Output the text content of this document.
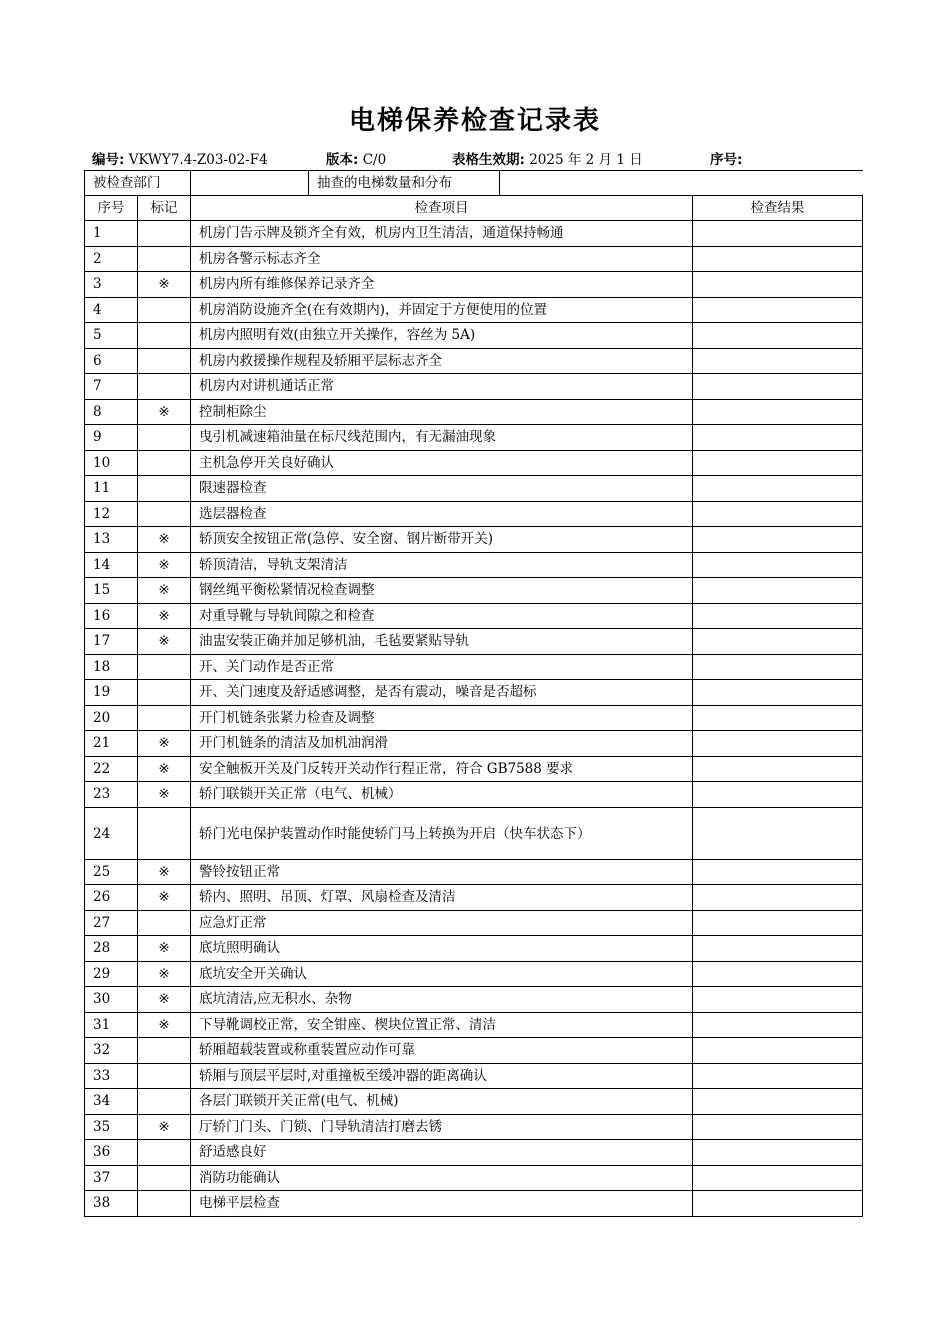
电梯保养检查记录表
编号: VKWY7.4-Z03-02-F4	版本: C/0	表格生效期: 2025 年 2 月 1 日	序号:
被检查部门			抽查的电梯数量和分布		
序号	标记	检查项目			检查结果
1		机房门告示牌及锁齐全有效，机房内卫生清洁，通道保持畅通			
2		机房各警示标志齐全			
3	※	机房内所有维修保养记录齐全			
4		机房消防设施齐全(在有效期内)，并固定于方便使用的位置			
5		机房内照明有效(由独立开关操作，容丝为 5A)			
6		机房内救援操作规程及轿厢平层标志齐全			
7		机房内对讲机通话正常			
8	※	控制柜除尘			
9		曳引机减速箱油量在标尺线范围内，有无漏油现象			
10		主机急停开关良好确认			
11		限速器检查			
12		选层器检查			
13	※	轿顶安全按钮正常(急停、安全窗、钢片断带开关)			
14	※	轿顶清洁，导轨支架清洁			
15	※	钢丝绳平衡松紧情况检查调整			
16	※	对重导靴与导轨间隙之和检查			
17	※	油盅安装正确并加足够机油，毛毡要紧贴导轨			
18		开、关门动作是否正常			
19		开、关门速度及舒适感调整，是否有震动，噪音是否超标			
20		开门机链条张紧力检查及调整			
21	※	开门机链条的清洁及加机油润滑			
22	※	安全触板开关及门反转开关动作行程正常，符合 GB7588 要求			
23	※	轿门联锁开关正常（电气、机械）			
24		轿门光电保护装置动作时能使轿门马上转换为开启（快车状态下）			
25	※	警铃按钮正常			
26	※	轿内、照明、吊顶、灯罩、风扇检查及清洁			
27		应急灯正常			
28	※	底坑照明确认			
29	※	底坑安全开关确认			
30	※	底坑清洁,应无积水、杂物			
31	※	下导靴调校正常，安全钳座、楔块位置正常、清洁			
32		轿厢超载装置或称重装置应动作可靠			
33		轿厢与顶层平层时,对重撞板至缓冲器的距离确认			
34		各层门联锁开关正常(电气、机械)			
35	※	厅轿门门头、门锁、门导轨清洁打磨去锈			
36		舒适感良好			
37		消防功能确认			
38		电梯平层检查			
